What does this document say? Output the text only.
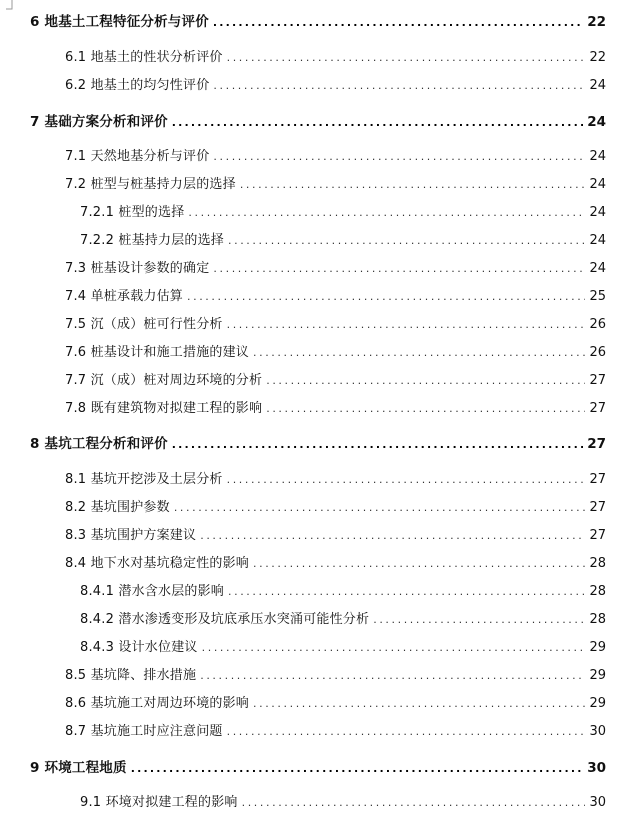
6 地基土工程特征分析与评价 .....	22
6.1 地基土的性状分析评价 .....	22
6.2 地基土的均匀性评价 .....	24
7 基础方案分析和评价 .....	24
7.1 天然地基分析与评价 .....	24
7.2 桩型与桩基持力层的选择 .....	24
7.2.1 桩型的选择 .....	24
7.2.2 桩基持力层的选择 .....	24
7.3 桩基设计参数的确定 .....	24
7.4 单桩承载力估算 .....	25
7.5 沉（成）桩可行性分析 .....	26
7.6 桩基设计和施工措施的建议 .....	26
7.7 沉（成）桩对周边环境的分析 .....	27
7.8 既有建筑物对拟建工程的影响 .....	27
8 基坑工程分析和评价 .....	27
8.1 基坑开挖涉及土层分析 .....	27
8.2 基坑围护参数 .....	27
8.3 基坑围护方案建议 .....	27
8.4 地下水对基坑稳定性的影响 .....	28
8.4.1 潜水含水层的影响 .....	28
8.4.2 潜水渗透变形及坑底承压水突涌可能性分析 .....	28
8.4.3 设计水位建议 .....	29
8.5 基坑降、排水措施 .....	29
8.6 基坑施工对周边环境的影响 .....	29
8.7 基坑施工时应注意问题 .....	30
9 环境工程地质 .....	30
9.1 环境对拟建工程的影响 .....	30
